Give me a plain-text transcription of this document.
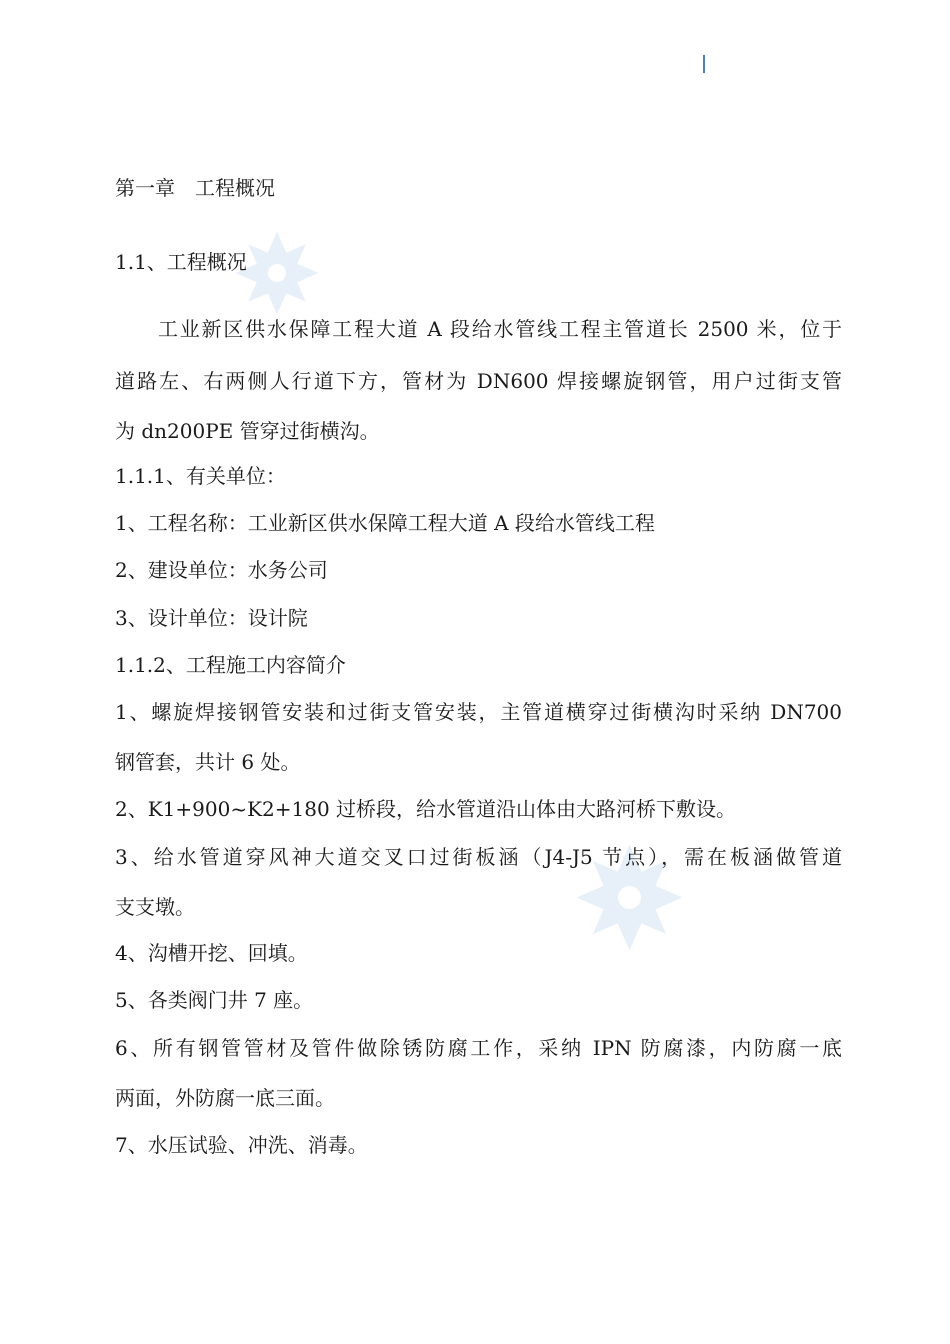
第一章　工程概况
1.1、工程概况
工业新区供水保障工程大道 A 段给水管线工程主管道长 2500 米，位于
道路左、右两侧人行道下方，管材为 DN600 焊接螺旋钢管，用户过街支管
为 dn200PE 管穿过街横沟。
1.1.1、有关单位：
1、工程名称：工业新区供水保障工程大道 A 段给水管线工程
2、建设单位：水务公司
3、设计单位：设计院
1.1.2、工程施工内容简介
1、螺旋焊接钢管安装和过街支管安装，主管道横穿过街横沟时采纳 DN700
钢管套，共计 6 处。
2、K1+900~K2+180 过桥段，给水管道沿山体由大路河桥下敷设。
3、给水管道穿风神大道交叉口过街板涵（J4-J5 节点），需在板涵做管道
支支墩。
4、沟槽开挖、回填。
5、各类阀门井 7 座。
6、所有钢管管材及管件做除锈防腐工作，采纳 IPN 防腐漆，内防腐一底
两面，外防腐一底三面。
7、水压试验、冲洗、消毒。
